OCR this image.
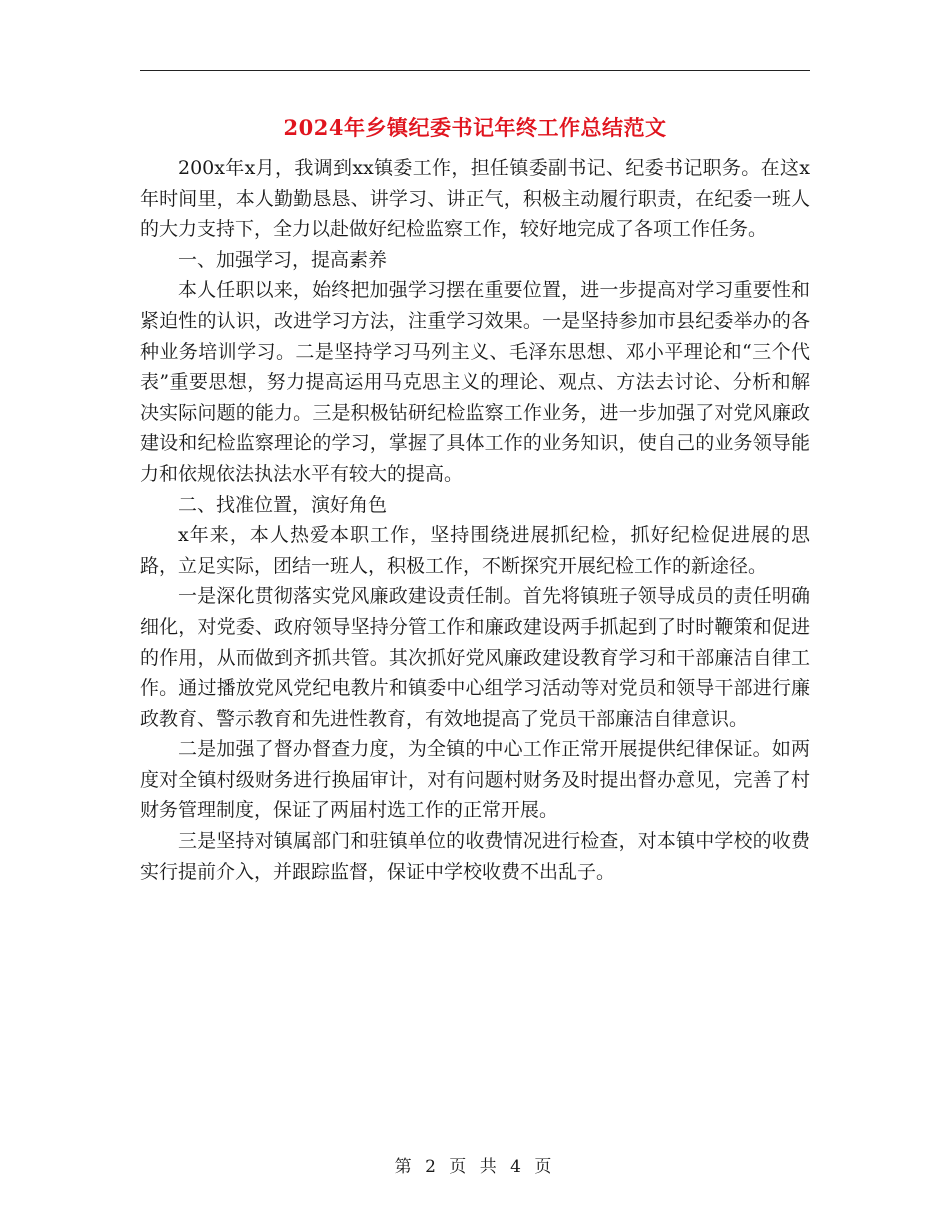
2024年乡镇纪委书记年终工作总结范文

200x年x月，我调到xx镇委工作，担任镇委副书记、纪委书记职务。在这x年时间里，本人勤勤恳恳、讲学习、讲正气，积极主动履行职责，在纪委一班人的大力支持下，全力以赴做好纪检监察工作，较好地完成了各项工作任务。

一、加强学习，提高素养

本人任职以来，始终把加强学习摆在重要位置，进一步提高对学习重要性和紧迫性的认识，改进学习方法，注重学习效果。一是坚持参加市县纪委举办的各种业务培训学习。二是坚持学习马列主义、毛泽东思想、邓小平理论和“三个代表”重要思想，努力提高运用马克思主义的理论、观点、方法去讨论、分析和解决实际问题的能力。三是积极钻研纪检监察工作业务，进一步加强了对党风廉政建设和纪检监察理论的学习，掌握了具体工作的业务知识，使自己的业务领导能力和依规依法执法水平有较大的提高。

二、找准位置，演好角色

x年来，本人热爱本职工作，坚持围绕进展抓纪检，抓好纪检促进展的思路，立足实际，团结一班人，积极工作，不断探究开展纪检工作的新途径。

一是深化贯彻落实党风廉政建设责任制。首先将镇班子领导成员的责任明确细化，对党委、政府领导坚持分管工作和廉政建设两手抓起到了时时鞭策和促进的作用，从而做到齐抓共管。其次抓好党风廉政建设教育学习和干部廉洁自律工作。通过播放党风党纪电教片和镇委中心组学习活动等对党员和领导干部进行廉政教育、警示教育和先进性教育，有效地提高了党员干部廉洁自律意识。

二是加强了督办督查力度，为全镇的中心工作正常开展提供纪律保证。如两度对全镇村级财务进行换届审计，对有问题村财务及时提出督办意见，完善了村财务管理制度，保证了两届村选工作的正常开展。

三是坚持对镇属部门和驻镇单位的收费情况进行检查，对本镇中学校的收费实行提前介入，并跟踪监督，保证中学校收费不出乱子。

第 2 页 共 4 页
